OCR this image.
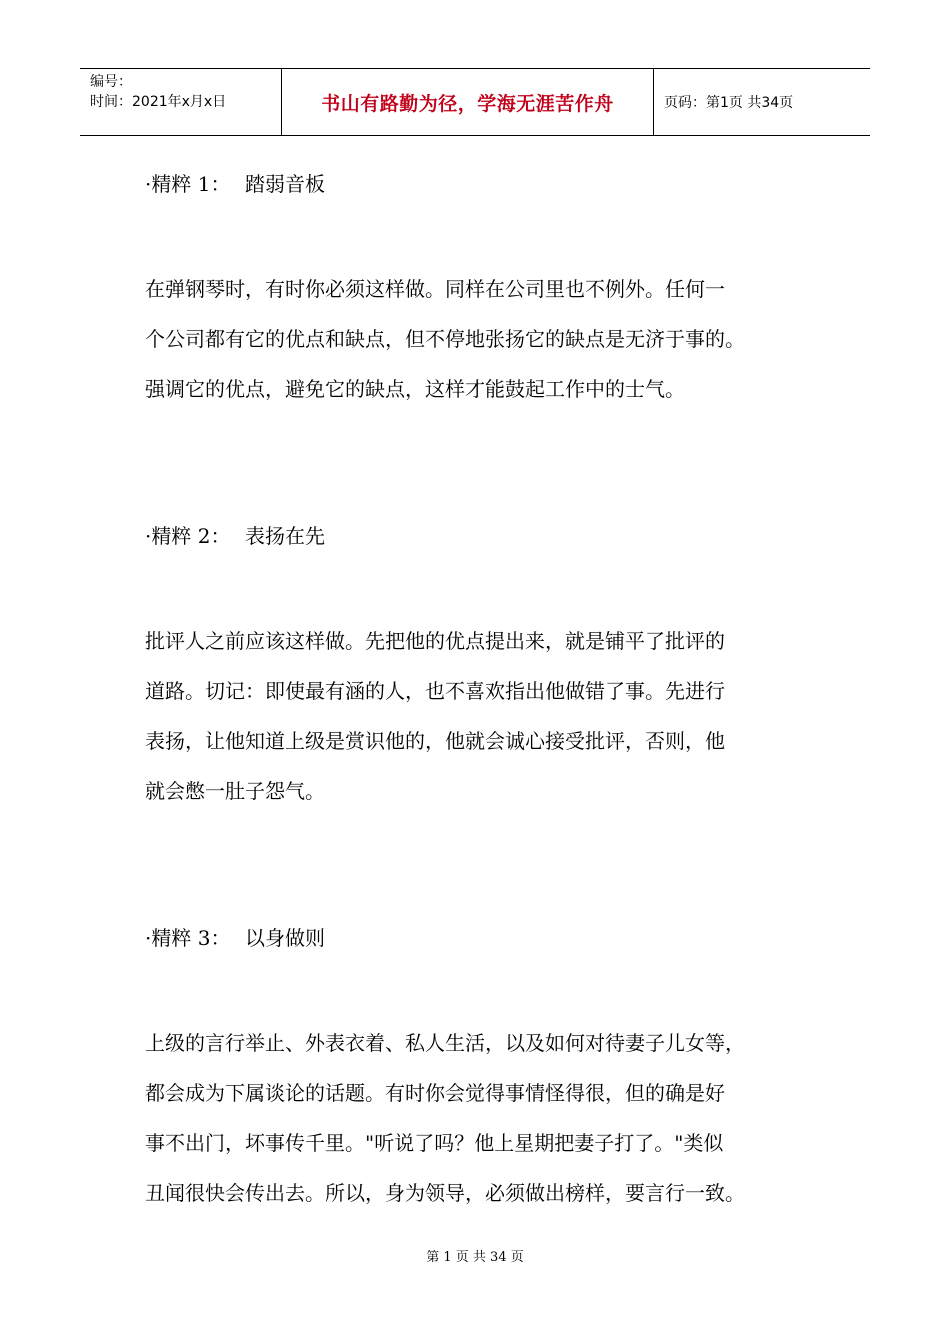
编号：
时间：2021年x月x日	书山有路勤为径，学海无涯苦作舟	页码：第1页 共34页
·精粹 1： 踏弱音板

在弹钢琴时，有时你必须这样做。同样在公司里也不例外。任何一

个公司都有它的优点和缺点，但不停地张扬它的缺点是无济于事的。

强调它的优点，避免它的缺点，这样才能鼓起工作中的士气。

·精粹 2： 表扬在先

批评人之前应该这样做。先把他的优点提出来，就是铺平了批评的

道路。切记：即使最有涵的人，也不喜欢指出他做错了事。先进行

表扬，让他知道上级是赏识他的，他就会诚心接受批评，否则，他

就会憋一肚子怨气。

·精粹 3： 以身做则

上级的言行举止、外表衣着、私人生活，以及如何对待妻子儿女等，

都会成为下属谈论的话题。有时你会觉得事情怪得很，但的确是好

事不出门，坏事传千里。"听说了吗？他上星期把妻子打了。"类似

丑闻很快会传出去。所以，身为领导，必须做出榜样，要言行一致。

第 1 页 共 34 页
